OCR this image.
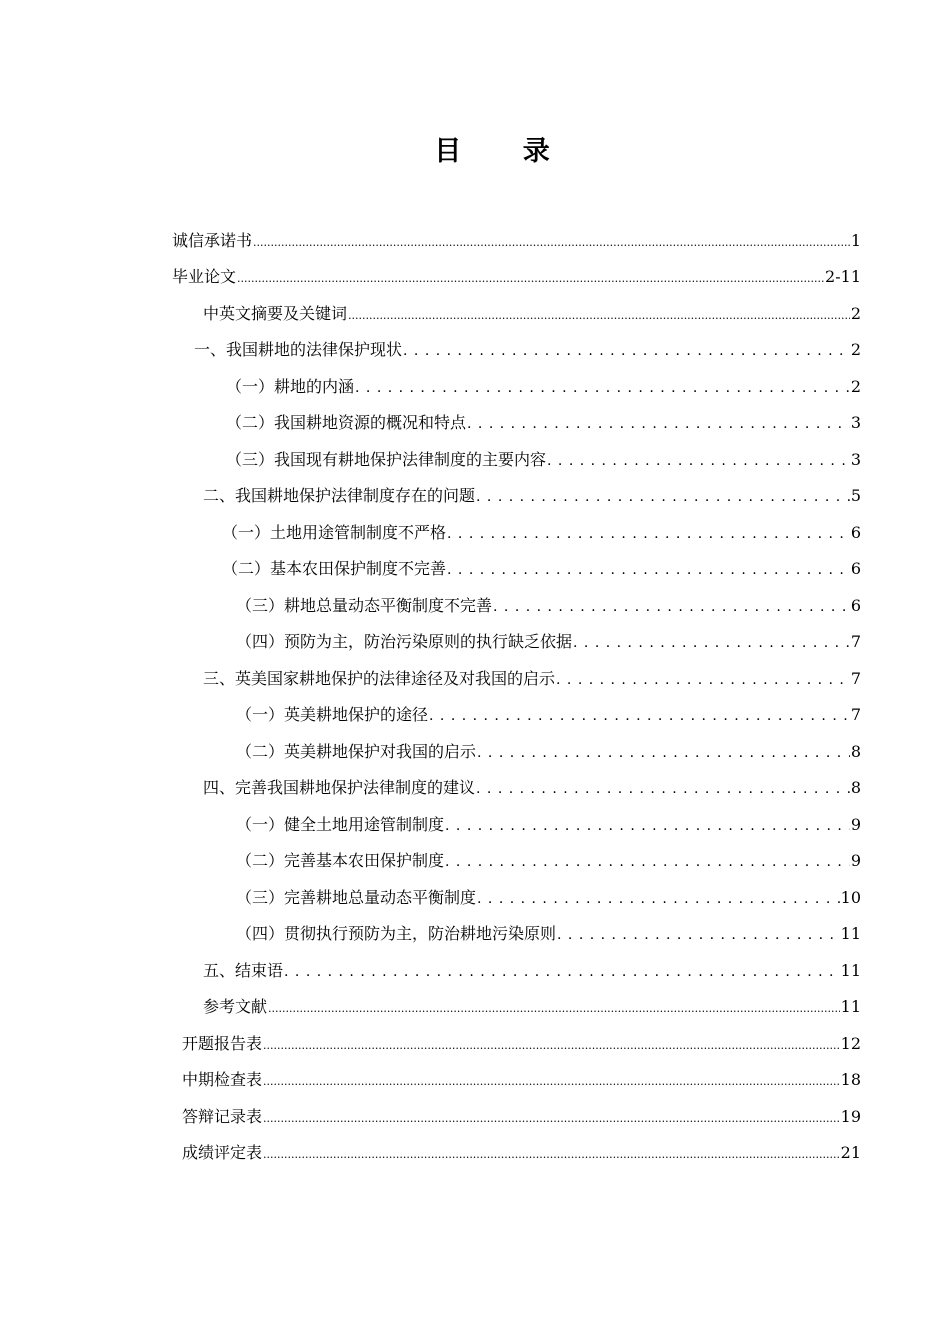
目 录
诚信承诺书 .....	1
毕业论文 .....	2-11
中英文摘要及关键词 .....	2
一、我国耕地的法律保护现状 . . .	2
（一）耕地的内涵 . . .	2
（二）我国耕地资源的概况和特点 . . .	3
（三）我国现有耕地保护法律制度的主要内容 . . .	3
二、我国耕地保护法律制度存在的问题 . . .	5
（一）土地用途管制制度不严格 . . .	6
（二）基本农田保护制度不完善 . . .	6
（三）耕地总量动态平衡制度不完善 . . .	6
（四）预防为主，防治污染原则的执行缺乏依据 . . .	7
三、英美国家耕地保护的法律途径及对我国的启示 . . .	7
（一）英美耕地保护的途径 . . .	7
（二）英美耕地保护对我国的启示 . . .	8
四、完善我国耕地保护法律制度的建议 . . .	8
（一）健全土地用途管制制度 . . .	9
（二）完善基本农田保护制度 . . .	9
（三）完善耕地总量动态平衡制度 . . .	10
（四）贯彻执行预防为主，防治耕地污染原则 . . .	11
五、结束语 . . .	11
参考文献 .....	11
开题报告表 .....	12
中期检查表 .....	18
答辩记录表 .....	19
成绩评定表 .....	21
